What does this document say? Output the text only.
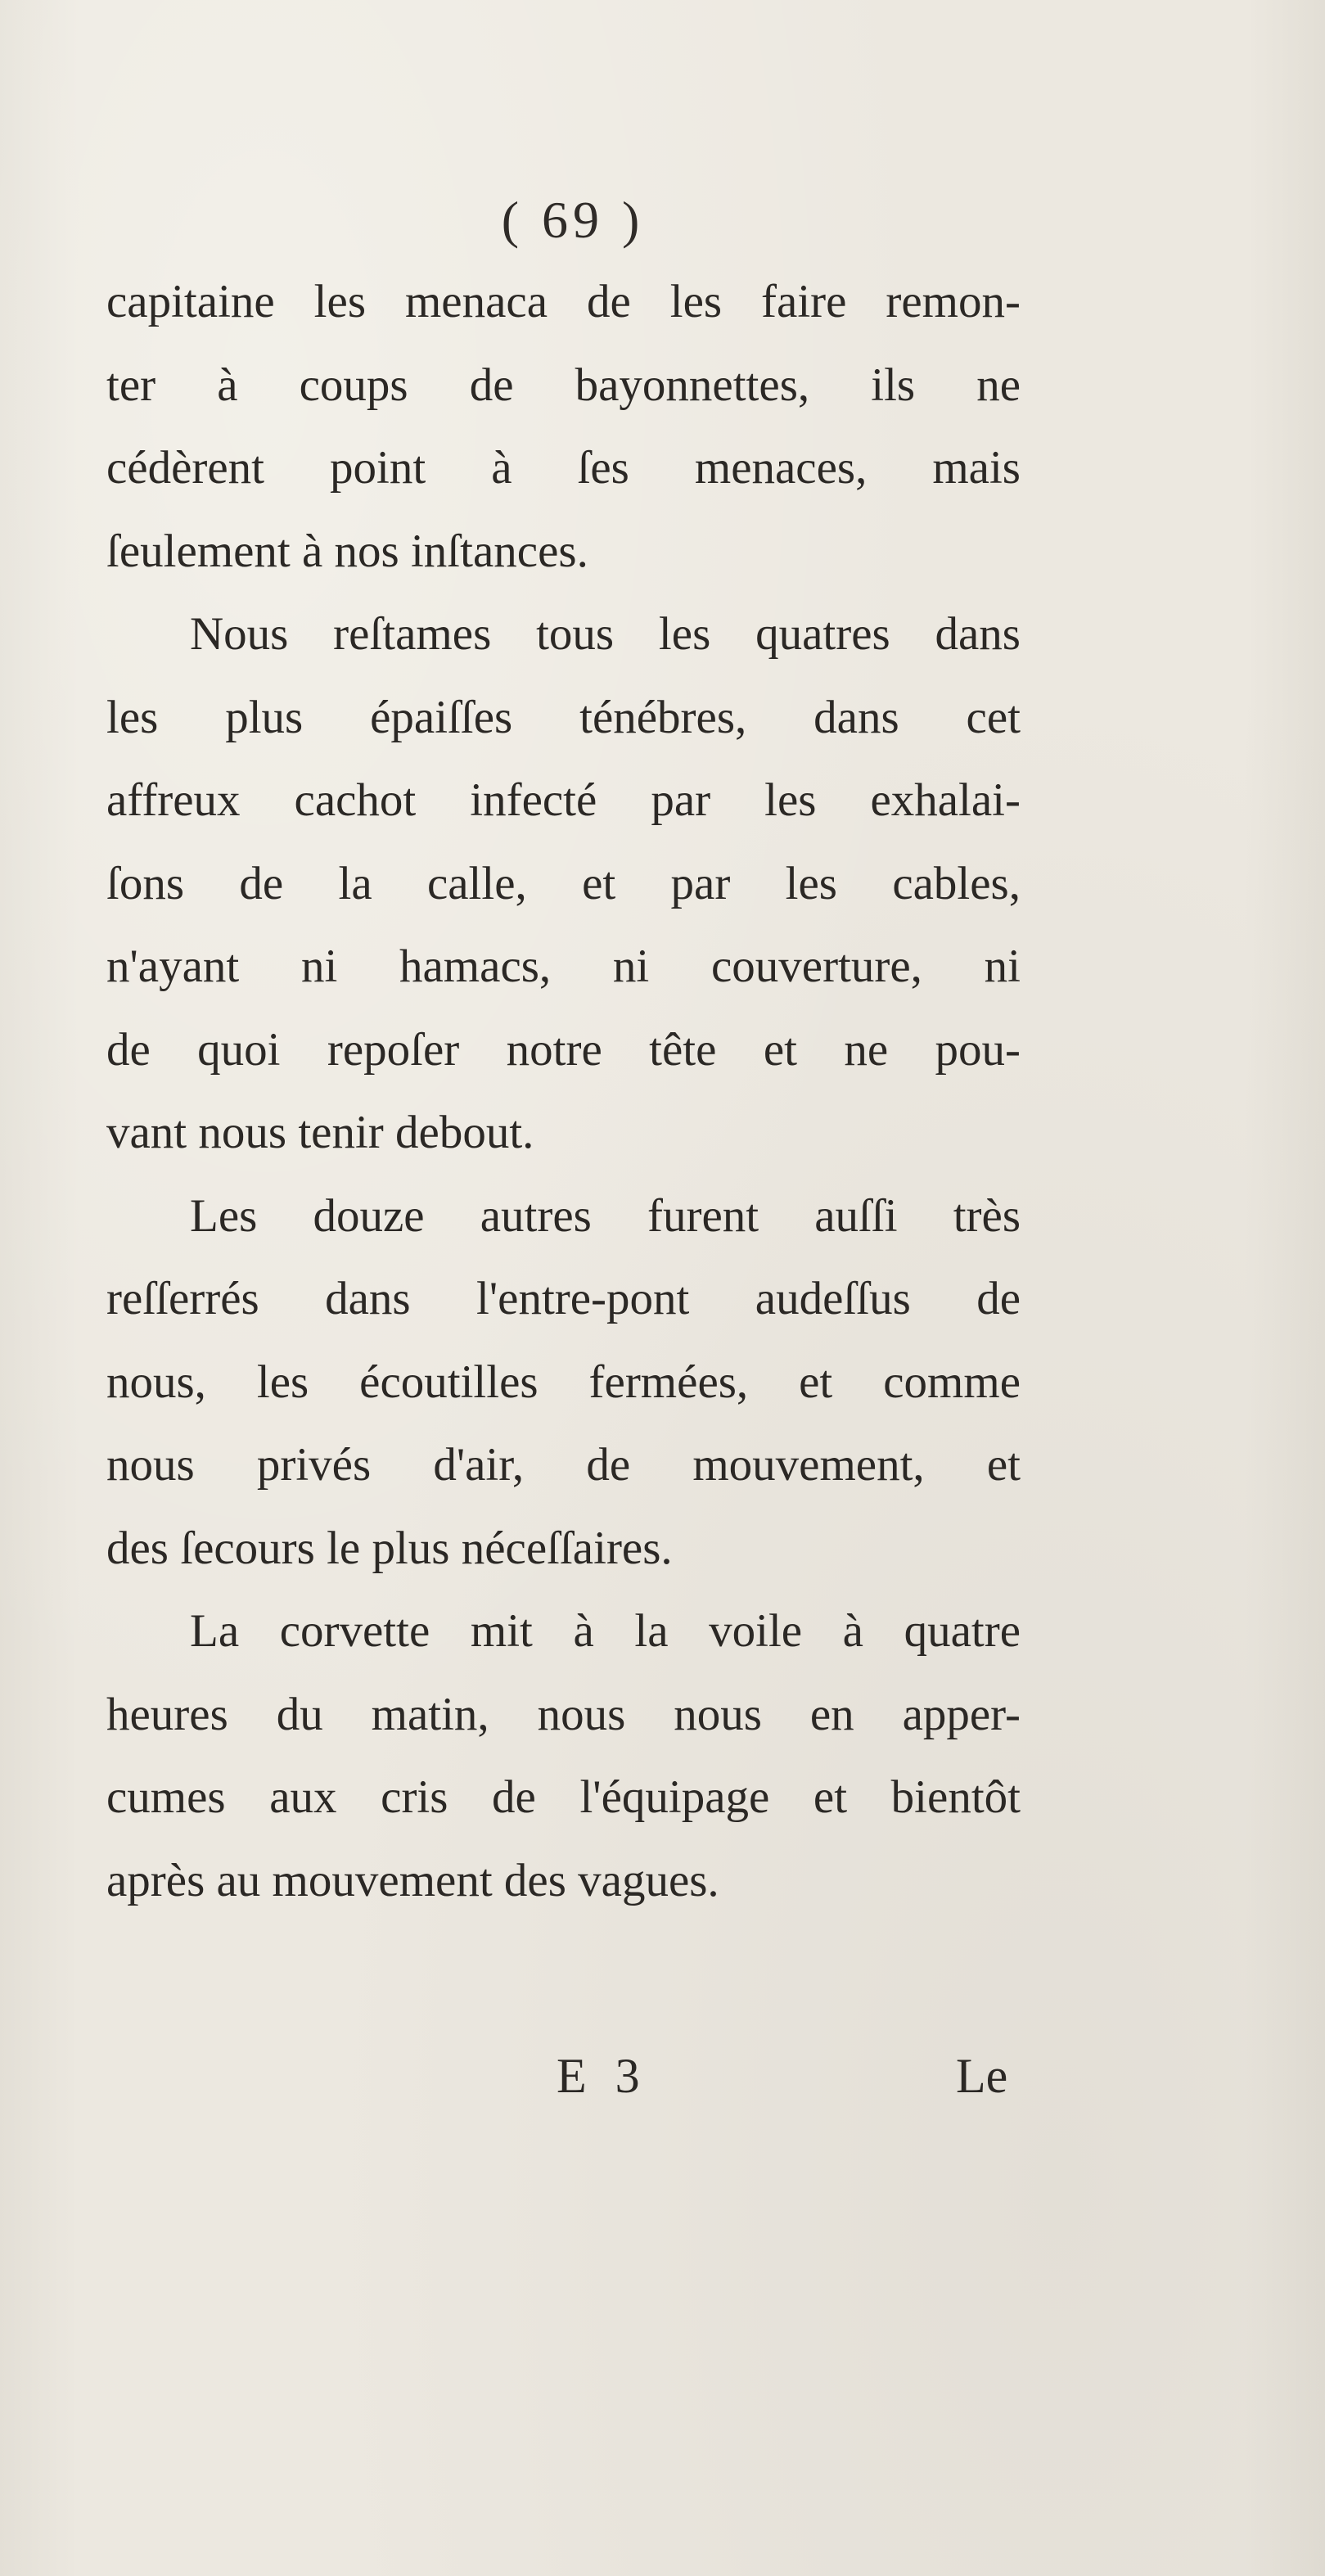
( 69 )
capitaine les menaca de les faire remon-
ter à coups de bayonnettes, ils ne
cédèrent point à ſes menaces, mais
ſeulement à nos inſtances.
Nous reſtames tous les quatres dans
les plus épaiſſes ténébres, dans cet
affreux cachot infecté par les exhalai-
ſons de la calle, et par les cables,
n'ayant ni hamacs, ni couverture, ni
de quoi repoſer notre tête et ne pou-
vant nous tenir debout.
Les douze autres furent auſſi très
reſſerrés dans l'entre-pont audeſſus de
nous, les écoutilles fermées, et comme
nous privés d'air, de mouvement, et
des ſecours le plus néceſſaires.
La corvette mit à la voile à quatre
heures du matin, nous nous en apper-
cumes aux cris de l'équipage et bientôt
après au mouvement des vagues.
E 3	Le
